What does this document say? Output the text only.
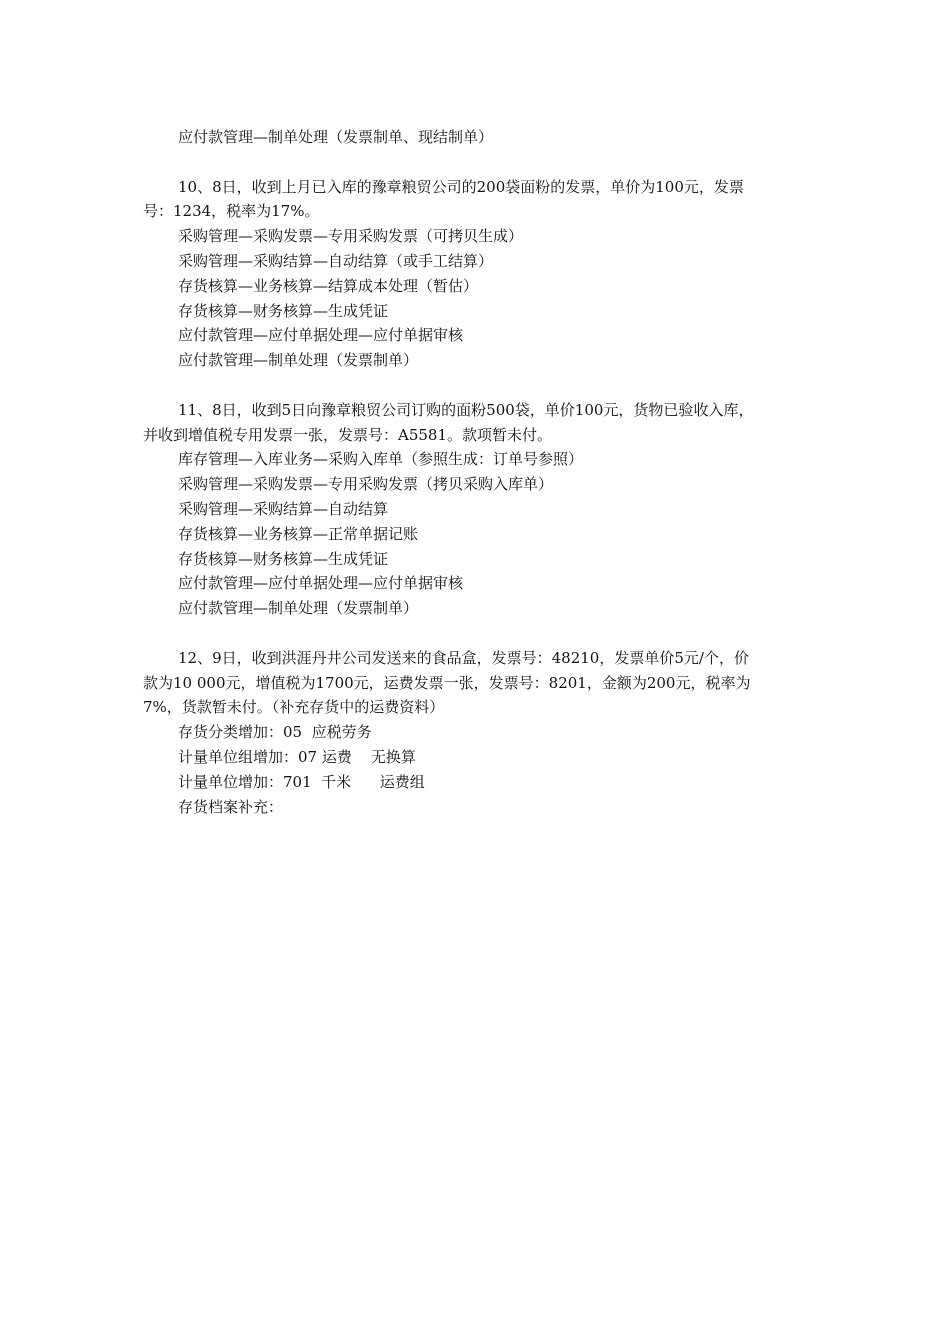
应付款管理—制单处理（发票制单、现结制单）

10、8日，收到上月已入库的豫章粮贸公司的200袋面粉的发票，单价为100元，发票

号：1234，税率为17%。

采购管理—采购发票—专用采购发票（可拷贝生成）

采购管理—采购结算—自动结算（或手工结算）

存货核算—业务核算—结算成本处理（暂估）

存货核算—财务核算—生成凭证

应付款管理—应付单据处理—应付单据审核

应付款管理—制单处理（发票制单）

11、8日，收到5日向豫章粮贸公司订购的面粉500袋，单价100元，货物已验收入库，

并收到增值税专用发票一张，发票号：A5581。款项暂未付。

库存管理—入库业务—采购入库单（参照生成：订单号参照）

采购管理—采购发票—专用采购发票（拷贝采购入库单）

采购管理—采购结算—自动结算

存货核算—业务核算—正常单据记账

存货核算—财务核算—生成凭证

应付款管理—应付单据处理—应付单据审核

应付款管理—制单处理（发票制单）

12、9日，收到洪涯丹井公司发送来的食品盒，发票号：48210，发票单价5元/个，价

款为10 000元，增值税为1700元，运费发票一张，发票号：8201，金额为200元，税率为

7%，货款暂未付。（补充存货中的运费资料）

存货分类增加：05  应税劳务

计量单位组增加：07 运费    无换算

计量单位增加：701  千米      运费组

存货档案补充：
